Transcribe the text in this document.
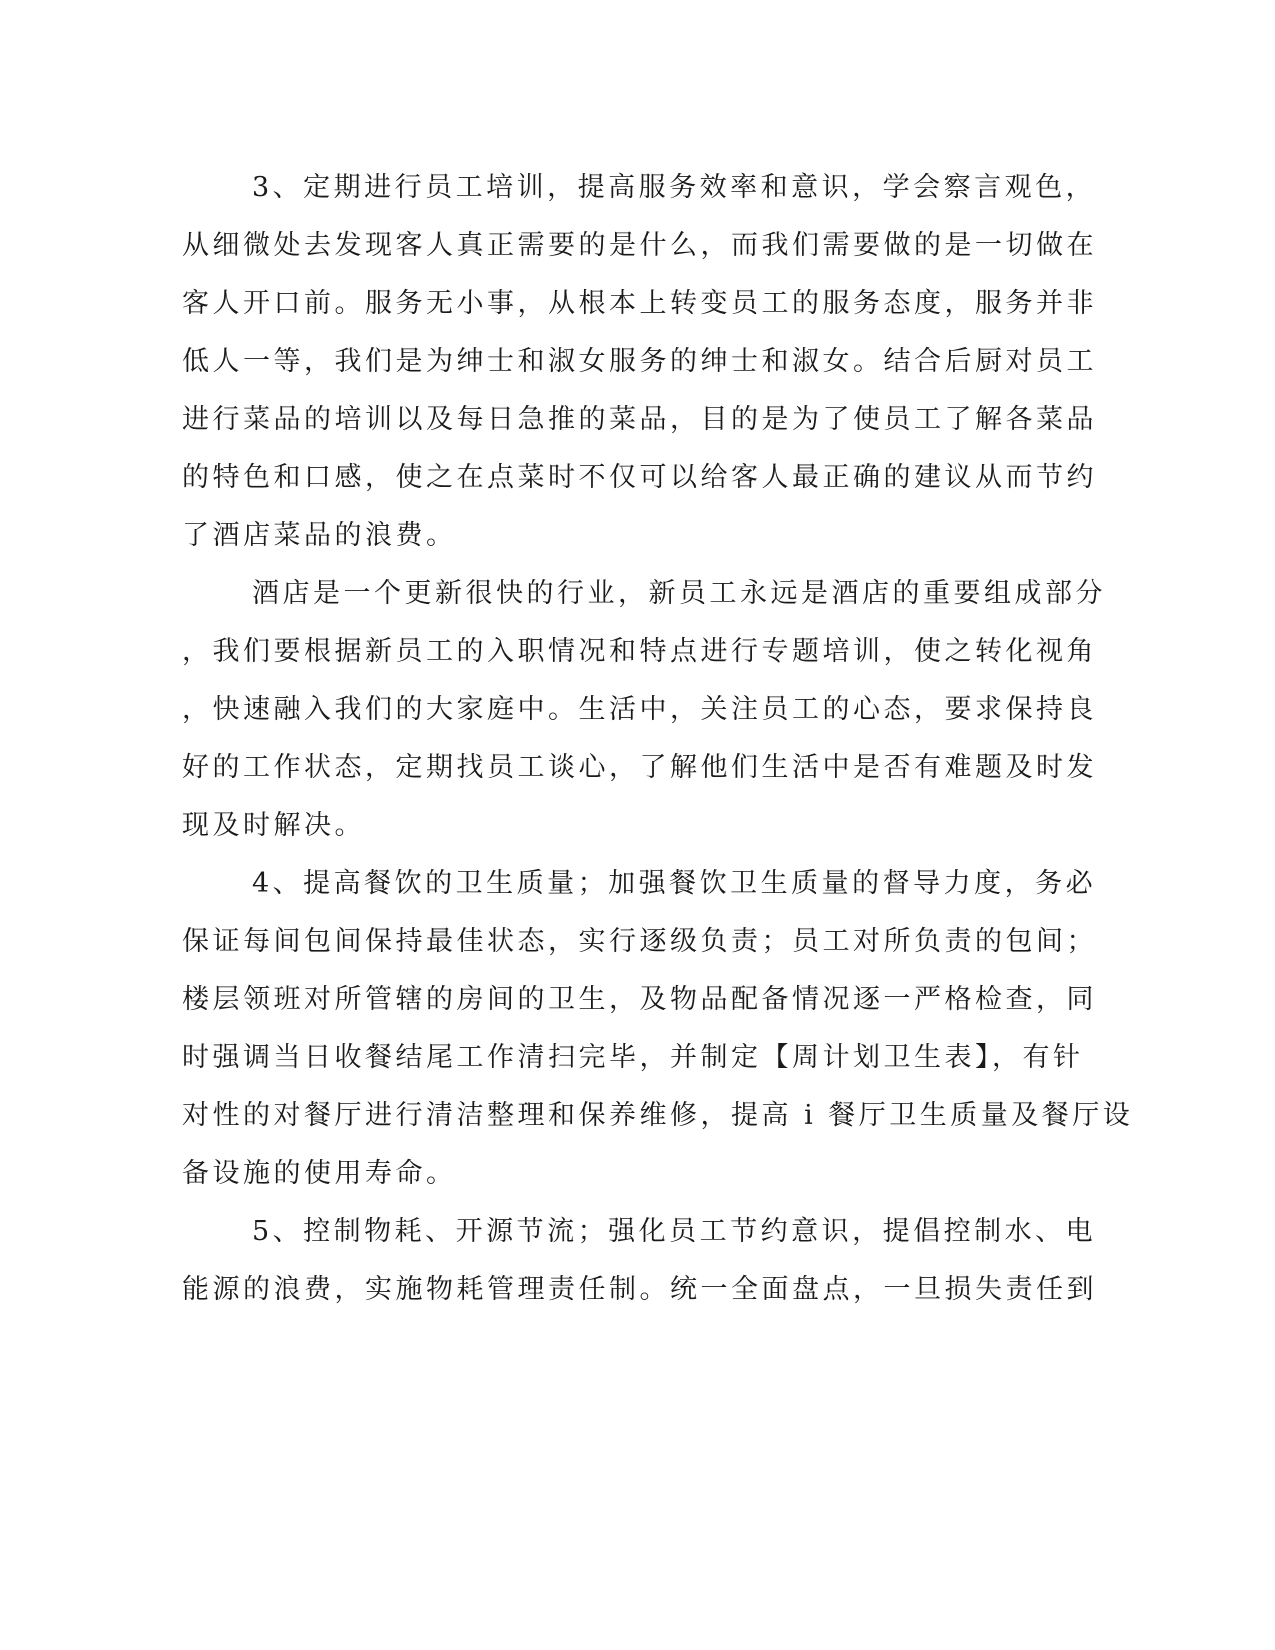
3、定期进行员工培训，提高服务效率和意识，学会察言观色，
从细微处去发现客人真正需要的是什么，而我们需要做的是一切做在
客人开口前。服务无小事，从根本上转变员工的服务态度，服务并非
低人一等，我们是为绅士和淑女服务的绅士和淑女。结合后厨对员工
进行菜品的培训以及每日急推的菜品，目的是为了使员工了解各菜品
的特色和口感，使之在点菜时不仅可以给客人最正确的建议从而节约
了酒店菜品的浪费。
酒店是一个更新很快的行业，新员工永远是酒店的重要组成部分
，我们要根据新员工的入职情况和特点进行专题培训，使之转化视角
，快速融入我们的大家庭中。生活中，关注员工的心态，要求保持良
好的工作状态，定期找员工谈心，了解他们生活中是否有难题及时发
现及时解决。
4、提高餐饮的卫生质量；加强餐饮卫生质量的督导力度，务必
保证每间包间保持最佳状态，实行逐级负责；员工对所负责的包间；
楼层领班对所管辖的房间的卫生，及物品配备情况逐一严格检查，同
时强调当日收餐结尾工作清扫完毕，并制定【周计划卫生表】，有针
对性的对餐厅进行清洁整理和保养维修，提高 i 餐厅卫生质量及餐厅设
备设施的使用寿命。
5、控制物耗、开源节流；强化员工节约意识，提倡控制水、电
能源的浪费，实施物耗管理责任制。统一全面盘点，一旦损失责任到
